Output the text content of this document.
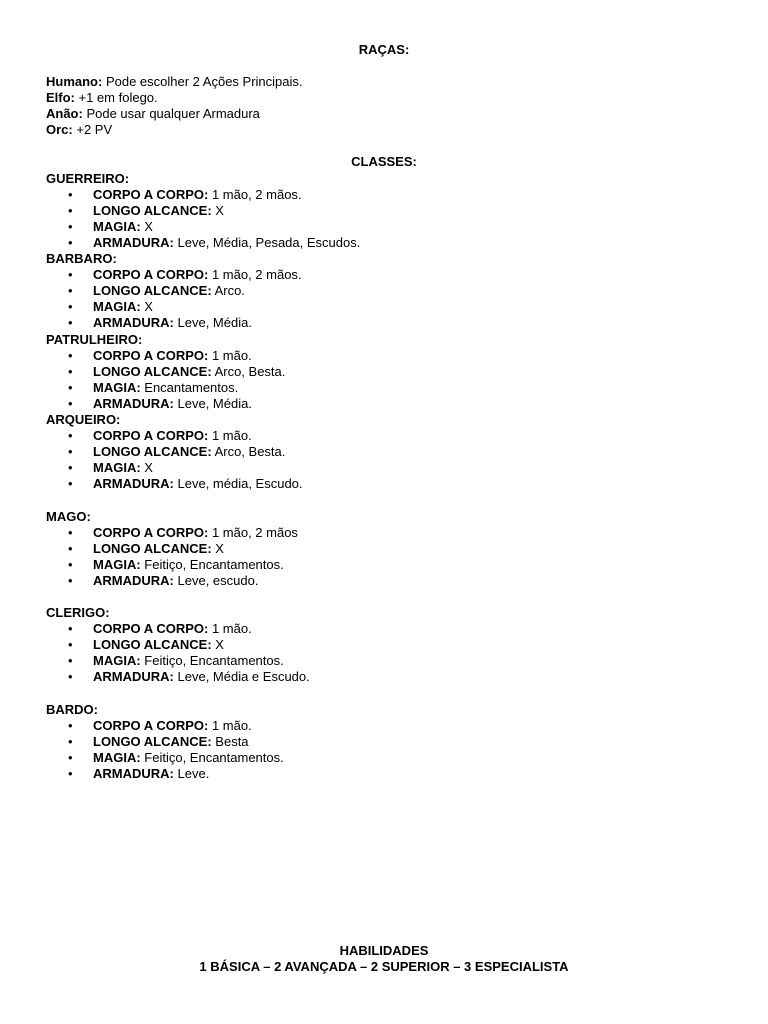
RAÇAS:
Humano: Pode escolher 2 Ações Principais.
Elfo: +1 em folego.
Anão: Pode usar qualquer Armadura
Orc: +2 PV
CLASSES:
GUERREIRO:
• CORPO A CORPO: 1 mão, 2 mãos.
• LONGO ALCANCE: X
• MAGIA: X
• ARMADURA: Leve, Média, Pesada, Escudos.
BARBARO:
• CORPO A CORPO: 1 mão, 2 mãos.
• LONGO ALCANCE: Arco.
• MAGIA: X
• ARMADURA: Leve, Média.
PATRULHEIRO:
• CORPO A CORPO: 1 mão.
• LONGO ALCANCE: Arco, Besta.
• MAGIA: Encantamentos.
• ARMADURA: Leve, Média.
ARQUEIRO:
• CORPO A CORPO: 1 mão.
• LONGO ALCANCE: Arco, Besta.
• MAGIA: X
• ARMADURA: Leve, média, Escudo.
MAGO:
• CORPO A CORPO: 1 mão, 2 mãos
• LONGO ALCANCE: X
• MAGIA: Feitiço, Encantamentos.
• ARMADURA: Leve, escudo.
CLERIGO:
• CORPO A CORPO: 1 mão.
• LONGO ALCANCE: X
• MAGIA: Feitiço, Encantamentos.
• ARMADURA: Leve, Média e Escudo.
BARDO:
• CORPO A CORPO: 1 mão.
• LONGO ALCANCE: Besta
• MAGIA: Feitiço, Encantamentos.
• ARMADURA: Leve.
HABILIDADES
1 BÁSICA – 2 AVANÇADA – 2 SUPERIOR – 3 ESPECIALISTA
